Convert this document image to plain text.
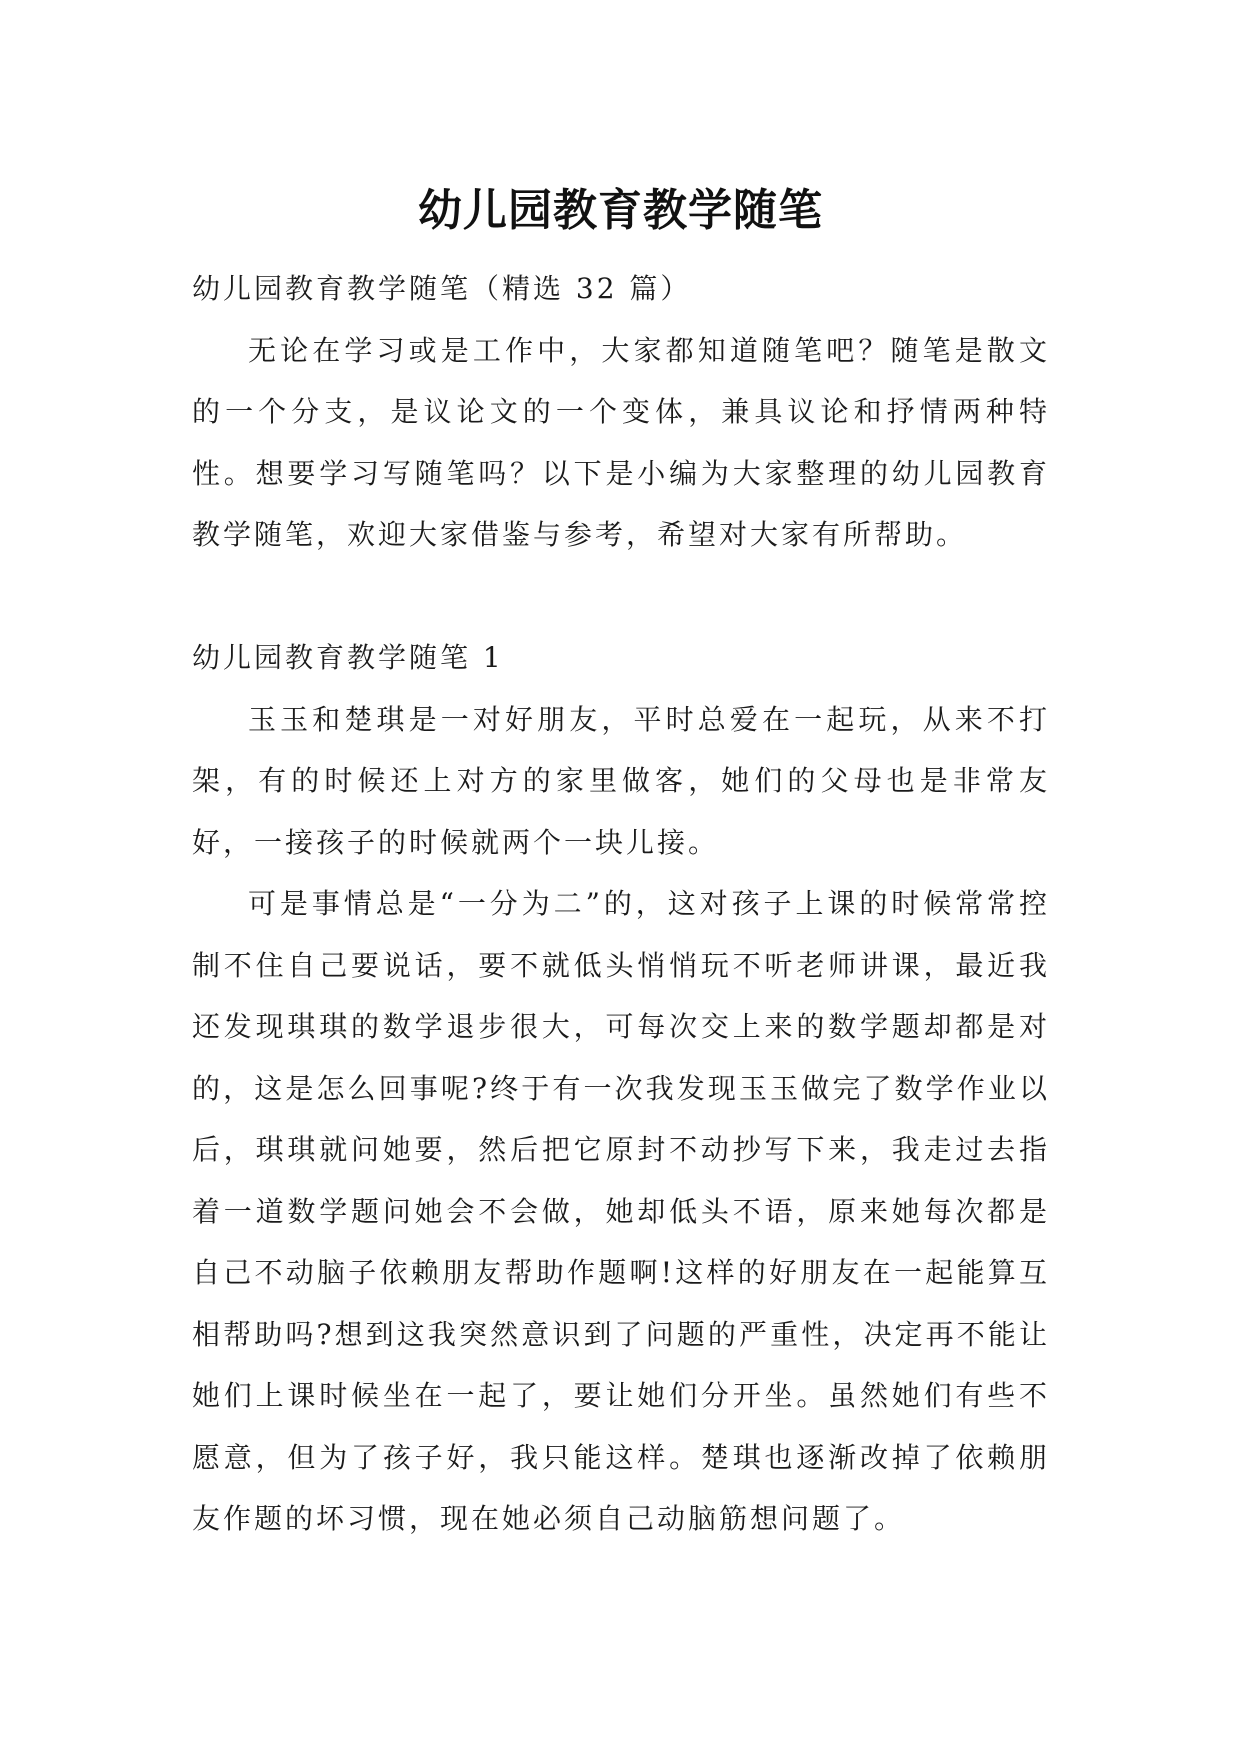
幼儿园教育教学随笔

幼儿园教育教学随笔（精选 32 篇）

无论在学习或是工作中，大家都知道随笔吧？随笔是散文的一个分支，是议论文的一个变体，兼具议论和抒情两种特性。想要学习写随笔吗？以下是小编为大家整理的幼儿园教育教学随笔，欢迎大家借鉴与参考，希望对大家有所帮助。

幼儿园教育教学随笔 1

玉玉和楚琪是一对好朋友，平时总爱在一起玩，从来不打架，有的时候还上对方的家里做客，她们的父母也是非常友好，一接孩子的时候就两个一块儿接。

可是事情总是“一分为二”的，这对孩子上课的时候常常控制不住自己要说话，要不就低头悄悄玩不听老师讲课，最近我还发现琪琪的数学退步很大，可每次交上来的数学题却都是对的，这是怎么回事呢?终于有一次我发现玉玉做完了数学作业以后，琪琪就问她要，然后把它原封不动抄写下来，我走过去指着一道数学题问她会不会做，她却低头不语，原来她每次都是自己不动脑子依赖朋友帮助作题啊!这样的好朋友在一起能算互相帮助吗?想到这我突然意识到了问题的严重性，决定再不能让她们上课时候坐在一起了，要让她们分开坐。虽然她们有些不愿意，但为了孩子好，我只能这样。楚琪也逐渐改掉了依赖朋友作题的坏习惯，现在她必须自己动脑筋想问题了。
